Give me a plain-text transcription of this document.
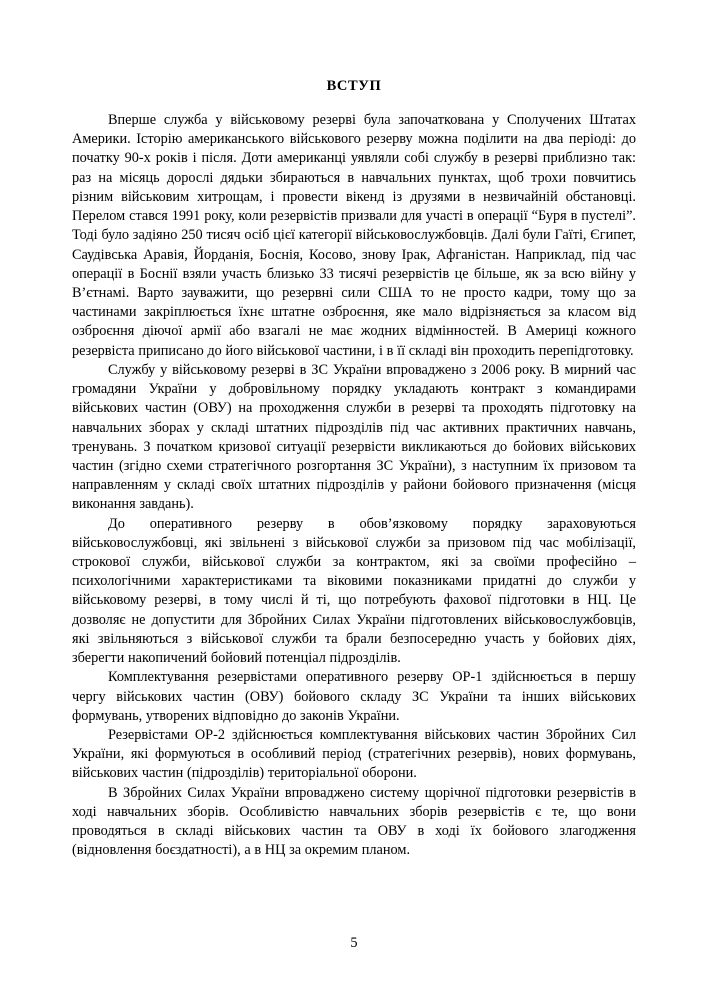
ВСТУП

Вперше служба у військовому резерві була започаткована у Сполучених Штатах Америки. Історію американського військового резерву можна поділити на два періоді: до початку 90-х років і після. Доти американці уявляли собі службу в резерві приблизно так: раз на місяць дорослі дядьки збираються в навчальних пунктах, щоб трохи повчитись різним військовим хитрощам, і провести вікенд із друзями в незвичайній обстановці. Перелом стався 1991 року, коли резервістів призвали для участі в операції “Буря в пустелі”. Тоді було задіяно 250 тисяч осіб цієї категорії військовослужбовців. Далі були Гаїті, Єгипет, Саудівська Аравія, Йорданія, Боснія, Косово, знову Ірак, Афганістан. Наприклад, під час операції в Боснії взяли участь близько 33 тисячі резервістів це більше, як за всю війну у В’єтнамі. Варто зауважити, що резервні сили США то не просто кадри, тому що за частинами закріплюється їхнє штатне озброєння, яке мало відрізняється за класом від озброєння діючої армії або взагалі не має жодних відмінностей. В Америці кожного резервіста приписано до його військової частини, і в її складі він проходить перепідготовку.

Службу у військовому резерві в ЗС України впроваджено з 2006 року. В мирний час громадяни України у добровільному порядку укладають контракт з командирами військових частин (ОВУ) на проходження служби в резерві та проходять підготовку на навчальних зборах у складі штатних підрозділів під час активних практичних навчань, тренувань. З початком кризової ситуації резервісти викликаються до бойових військових частин (згідно схеми стратегічного розгортання ЗС України), з наступним їх призовом та направленням у складі своїх штатних підрозділів у райони бойового призначення (місця виконання завдань).

До оперативного резерву в обов’язковому порядку зараховуються військовослужбовці, які звільнені з військової служби за призовом під час мобілізації, строкової служби, військової служби за контрактом, які за своїми професійно – психологічними характеристиками та віковими показниками придатні до служби у військовому резерві, в тому числі й ті, що потребують фахової підготовки в НЦ. Це дозволяє не допустити для Збройних Силах України підготовлених військовослужбовців, які звільняються з військової служби та брали безпосередню участь у бойових діях, зберегти накопичений бойовий потенціал підрозділів.

Комплектування резервістами оперативного резерву ОР-1 здійснюється в першу чергу військових частин (ОВУ) бойового складу ЗС України та інших військових формувань, утворених відповідно до законів України.

Резервістами ОР-2 здійснюється комплектування військових частин Збройних Сил України, які формуються в особливий період (стратегічних резервів), нових формувань, військових частин (підрозділів) територіальної оборони.

В Збройних Силах України впроваджено систему щорічної підготовки резервістів в ході навчальних зборів. Особливістю навчальних зборів резервістів є те, що вони проводяться в складі військових частин та ОВУ в ході їх бойового злагодження (відновлення боєздатності), а в НЦ за окремим планом.

5
